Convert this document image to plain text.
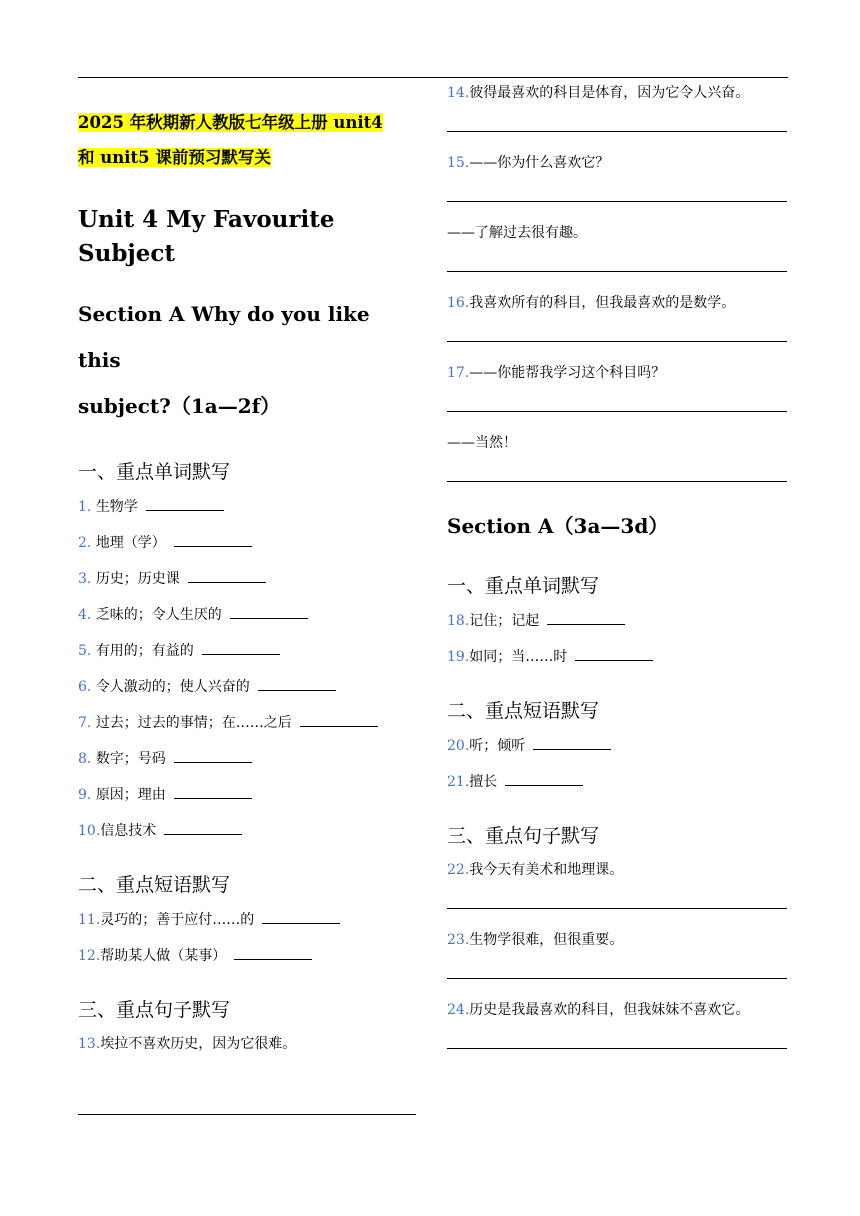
2025 年秋期新人教版七年级上册 unit4
和 unit5 课前预习默写关
Unit 4 My Favourite Subject
Section A Why do you like this
subject?（1a—2f）
一、重点单词默写
1. 生物学
2. 地理（学）
3. 历史；历史课
4. 乏味的；令人生厌的
5. 有用的；有益的
6. 令人激动的；使人兴奋的
7. 过去；过去的事情；在……之后
8. 数字；号码
9. 原因；理由
10.信息技术
二、重点短语默写
11.灵巧的；善于应付……的
12.帮助某人做（某事）
三、重点句子默写
13.埃拉不喜欢历史，因为它很难。
14.彼得最喜欢的科目是体育，因为它令人兴奋。
15.——你为什么喜欢它？
——了解过去很有趣。
16.我喜欢所有的科目，但我最喜欢的是数学。
17.——你能帮我学习这个科目吗？
——当然！
Section A（3a—3d）
一、重点单词默写
18.记住；记起
19.如同；当……时
二、重点短语默写
20.听；倾听
21.擅长
三、重点句子默写
22.我今天有美术和地理课。
23.生物学很难，但很重要。
24.历史是我最喜欢的科目，但我妹妹不喜欢它。
